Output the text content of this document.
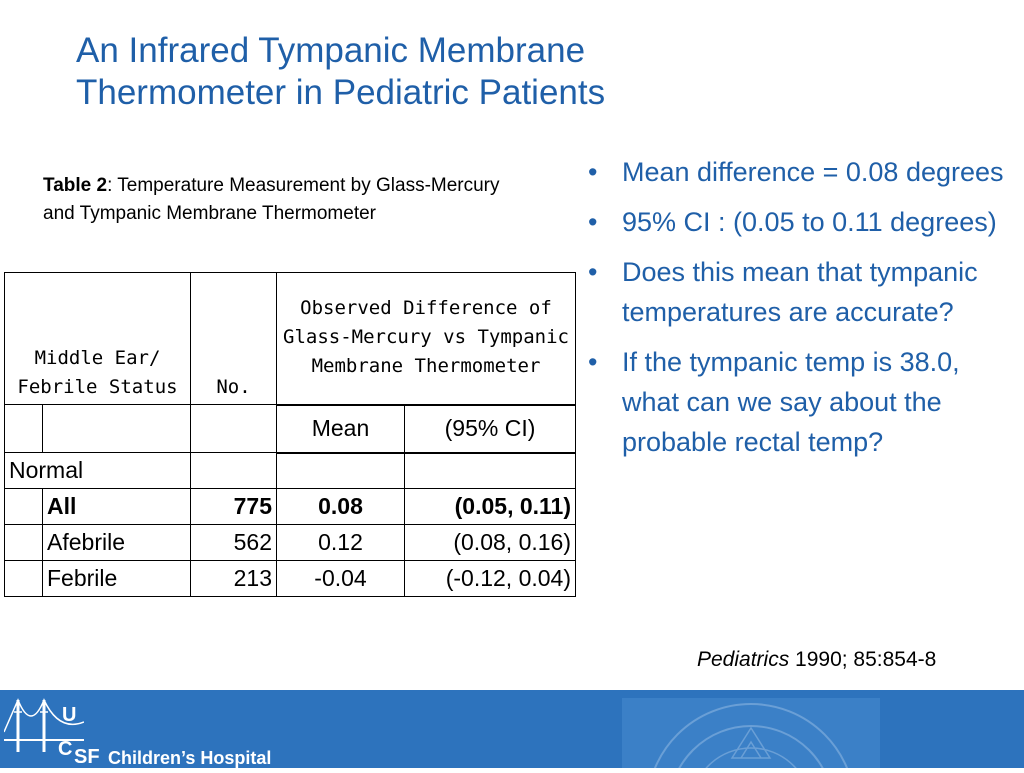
An Infrared Tympanic Membrane
Thermometer in Pediatric Patients
Table 2: Temperature Measurement by Glass-Mercury and Tympanic Membrane Thermometer
Middle Ear/ Febrile Status		No.	Observed Difference of Glass-Mercury vs Tympanic Membrane Thermometer	
			Mean	(95% CI)
Normal				
	All	775	0.08	(0.05, 0.11)
	Afebrile	562	0.12	(0.08, 0.16)
	Febrile	213	-0.04	(-0.12, 0.04)
• Mean difference = 0.08 degrees
• 95% CI : (0.05 to 0.11 degrees)
• Does this mean that tympanic temperatures are accurate?
• If the tympanic temp is 38.0, what can we say about the probable rectal temp?
Pediatrics 1990; 85:854-8
U
C SF Children’s Hospital
